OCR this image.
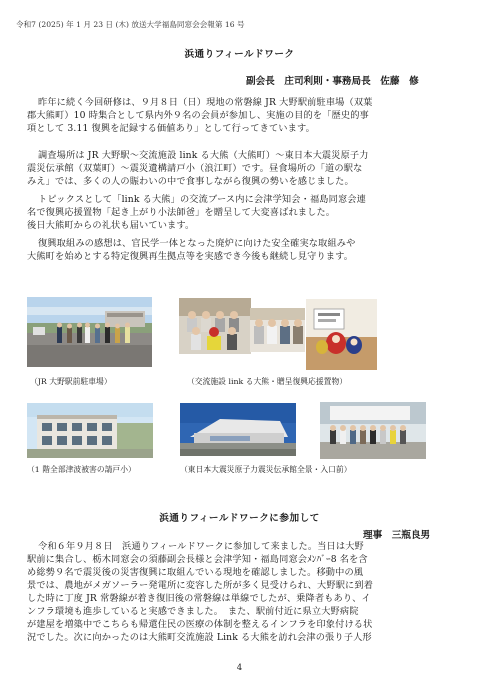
令和7 (2025) 年 1 月 23 日 (木) 放送大学福島同窓会会報第 16 号
浜通りフィールドワーク
副会長　庄司利則・事務局長　佐藤　修
昨年に続く今回研修は、９月８日（日）現地の常磐線 JR 大野駅前駐車場（双葉
郡大熊町）10 時集合として県内外９名の会員が参加し、実施の目的を「歴史的事
項として 3.11 復興を記録する価値あり」として行ってきています。
調査場所は JR 大野駅～交流施設 link る大熊（大熊町）～東日本大震災原子力
震災伝承館（双葉町）～震災遺構請戸小（浪江町）です。昼食場所の「道の駅な
みえ」では、多くの人の賑わいの中で食事しながら復興の勢いを感じました。
トピックスとして「link る大熊」の交流ブース内に会津学知会・福島同窓会連
名で復興応援置物「起き上がり小法師爸」を贈呈して大変喜ばれました。
後日大熊町からの礼状も届いています。
復興取組みの感想は、官民学一体となった廃炉に向けた安全確実な取組みや
大熊町を始めとする特定復興再生拠点等を実感でき今後も継続し見守ります。
（JR 大野駅前駐車場）	（交流施設 link る大熊・贈呈復興応援置物）
（1 階全部津波被害の請戸小）	（東日本大震災原子力震災伝承館全景・入口前）
浜通りフィールドワークに参加して
理事　三瓶良男
令和６年９月８日　浜通りフィールドワークに参加して来ました。当日は大野
駅前に集合し、栃木同窓会の須藤副会長様と会津学知・福島同窓会ﾒﾝﾊﾞｰ8 名を含
め総勢９名で震災後の災害復興に取組んでいる現地を確認しました。移動中の風
景では、農地がメガソーラー発電所に変容した所が多く見受けられ、大野駅に到着
した時に丁度 JR 常磐線が着き復旧後の常磐線は単線でしたが、乗降者もあり、イ
ンフラ環境も進歩していると実感できました。　また、駅前付近に県立大野病院
が建屋を増築中でこちらも帰還住民の医療の体制を整えるインフラを印象付ける状
況でした。次に向かったのは大熊町交流施設 Link る大熊を訪れ会津の張り子人形
4
